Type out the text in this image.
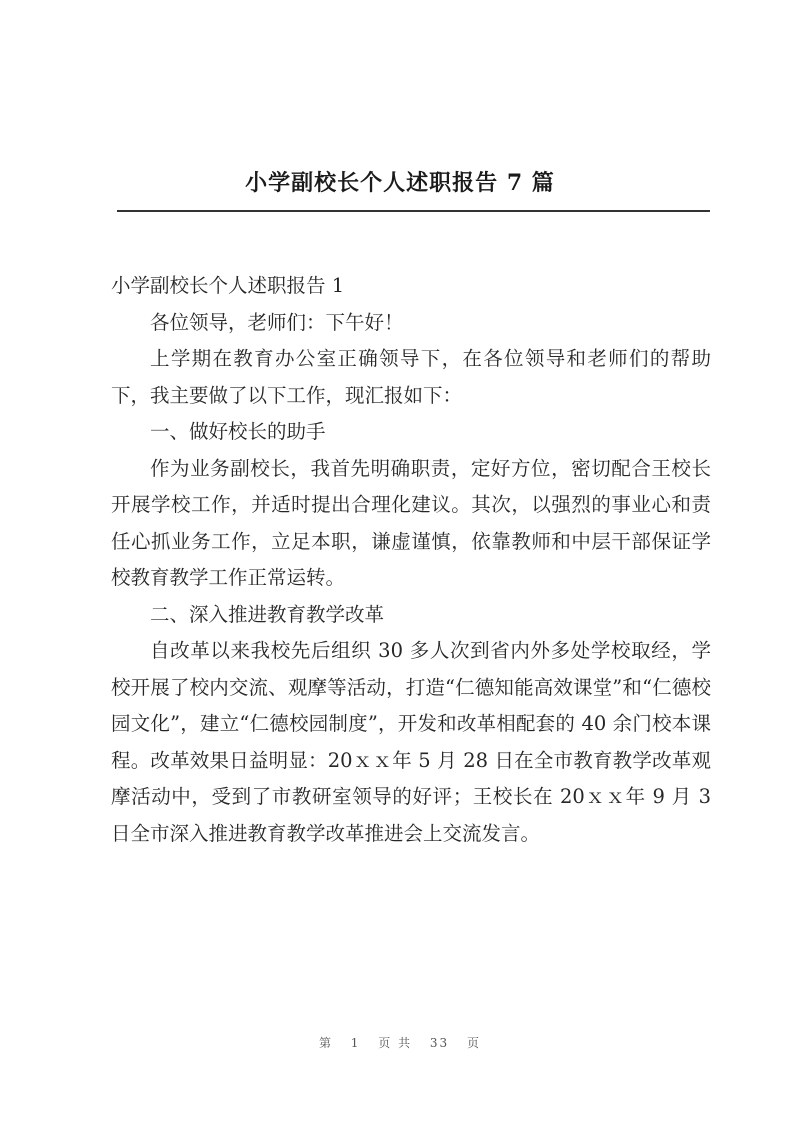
小学副校长个人述职报告 7 篇

小学副校长个人述职报告 1

各位领导，老师们：下午好！

上学期在教育办公室正确领导下，在各位领导和老师们的帮助下，我主要做了以下工作，现汇报如下：

一、做好校长的助手

作为业务副校长，我首先明确职责，定好方位，密切配合王校长开展学校工作，并适时提出合理化建议。其次，以强烈的事业心和责任心抓业务工作，立足本职，谦虚谨慎，依靠教师和中层干部保证学校教育教学工作正常运转。

二、深入推进教育教学改革

自改革以来我校先后组织 30 多人次到省内外多处学校取经，学校开展了校内交流、观摩等活动，打造“仁德知能高效课堂”和“仁德校园文化”，建立“仁德校园制度”，开发和改革相配套的 40 余门校本课程。改革效果日益明显：20ｘｘ年 5 月 28 日在全市教育教学改革观摩活动中，受到了市教研室领导的好评；王校长在 20ｘｘ年 9 月 3 日全市深入推进教育教学改革推进会上交流发言。

第 1 页 共 33 页
